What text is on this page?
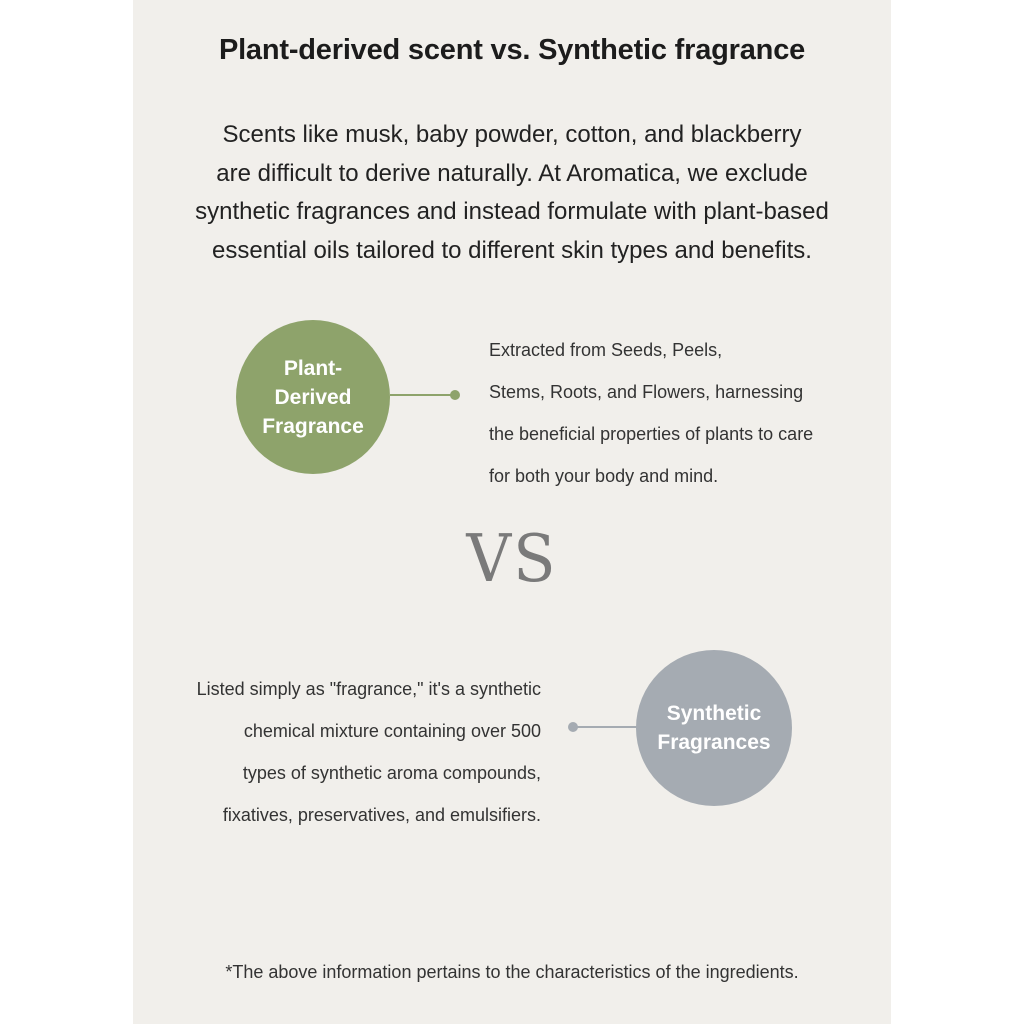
Plant-derived scent vs. Synthetic fragrance
Scents like musk, baby powder, cotton, and blackberry
are difficult to derive naturally. At Aromatica, we exclude
synthetic fragrances and instead formulate with plant-based
essential oils tailored to different skin types and benefits.
Plant-
Derived
Fragrance
Extracted from Seeds, Peels,
Stems, Roots, and Flowers, harnessing
the beneficial properties of plants to care
for both your body and mind.
VS
Listed simply as "fragrance," it's a synthetic
chemical mixture containing over 500
types of synthetic aroma compounds,
fixatives, preservatives, and emulsifiers.
Synthetic
Fragrances
*The above information pertains to the characteristics of the ingredients.
